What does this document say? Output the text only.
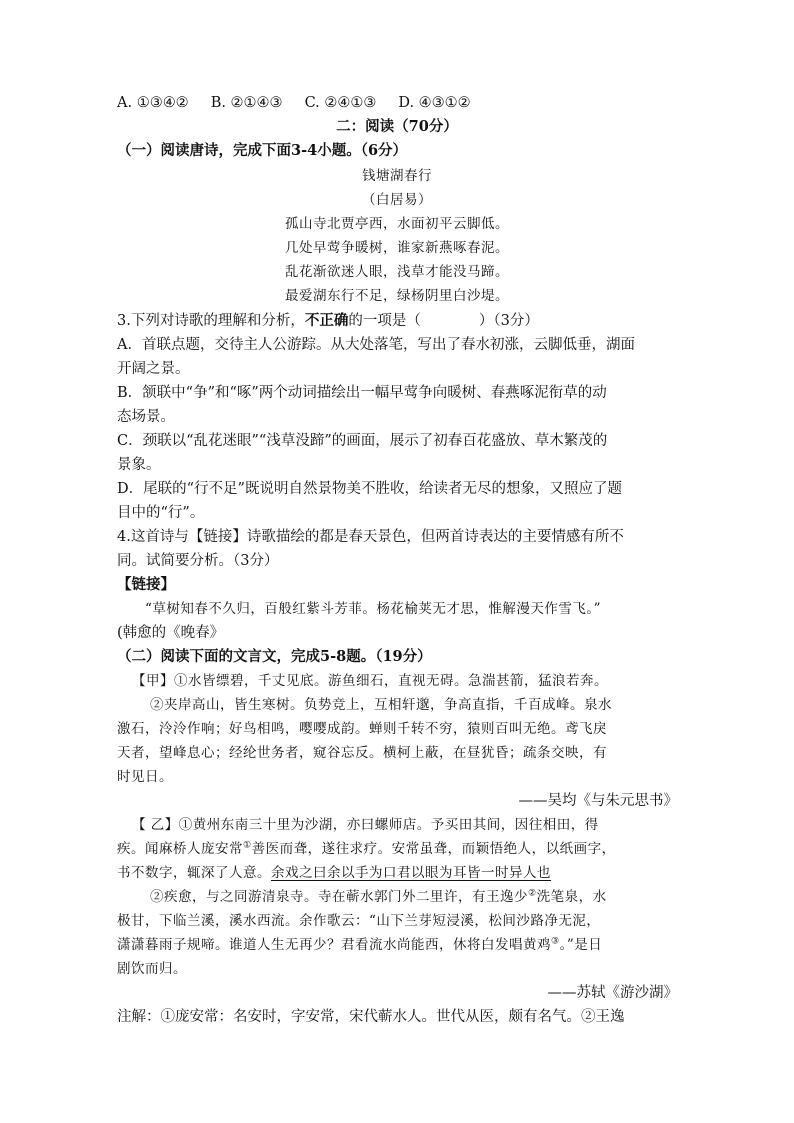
A. ①③④② B. ②①④③ C. ②④①③ D. ④③①②
二：阅读（70分）
（一）阅读唐诗，完成下面3-4小题。（6分）
钱塘湖春行
（白居易）
孤山寺北贾亭西，水面初平云脚低。
几处早莺争暖树，谁家新燕啄春泥。
乱花渐欲迷人眼，浅草才能没马蹄。
最爱湖东行不足，绿杨阴里白沙堤。
3.下列对诗歌的理解和分析，不正确的一项是（　　　　）（3分）
A．首联点题，交待主人公游踪。从大处落笔，写出了春水初涨，云脚低垂，湖面
开阔之景。
B．颔联中“争”和“啄”两个动词描绘出一幅早莺争向暖树、春燕啄泥衔草的动
态场景。
C．颈联以“乱花迷眼”“浅草没蹄”的画面，展示了初春百花盛放、草木繁茂的
景象。
D．尾联的“行不足”既说明自然景物美不胜收，给读者无尽的想象，又照应了题
目中的“行”。
4.这首诗与【链接】诗歌描绘的都是春天景色，但两首诗表达的主要情感有所不
同。试简要分析。（3分）
【链接】
“草树知春不久归，百般红紫斗芳菲。杨花榆荚无才思，惟解漫天作雪飞。”
(韩愈的《晚春》
（二）阅读下面的文言文，完成5-8题。（19分）
【甲】①水皆缥碧，千丈见底。游鱼细石，直视无碍。急湍甚箭，猛浪若奔。
②夹岸高山，皆生寒树。负势竞上，互相轩邈，争高直指，千百成峰。泉水
激石，泠泠作响；好鸟相鸣，嘤嘤成韵。蝉则千转不穷，猿则百叫无绝。鸢飞戾
天者，望峰息心；经纶世务者，窥谷忘反。横柯上蔽，在昼犹昏；疏条交映，有
时见日。
——吴均《与朱元思书》
【 乙】①黄州东南三十里为沙湖，亦曰螺师店。予买田其间，因往相田，得
疾。闻麻桥人庞安常①善医而聋，遂往求疗。安常虽聋，而颖悟绝人，以纸画字，
书不数字，辄深了人意。余戏之曰余以手为口君以眼为耳皆一时异人也
②疾愈，与之同游清泉寺。寺在蕲水郭门外二里许，有王逸少②洗笔泉，水
极甘，下临兰溪，溪水西流。余作歌云：“山下兰芽短浸溪，松间沙路净无泥，
潇潇暮雨子规啼。谁道人生无再少？君看流水尚能西，休将白发唱黄鸡③。”是日
剧饮而归。
——苏轼《游沙湖》
注解：①庞安常：名安时，字安常，宋代蕲水人。世代从医，颇有名气。②王逸
